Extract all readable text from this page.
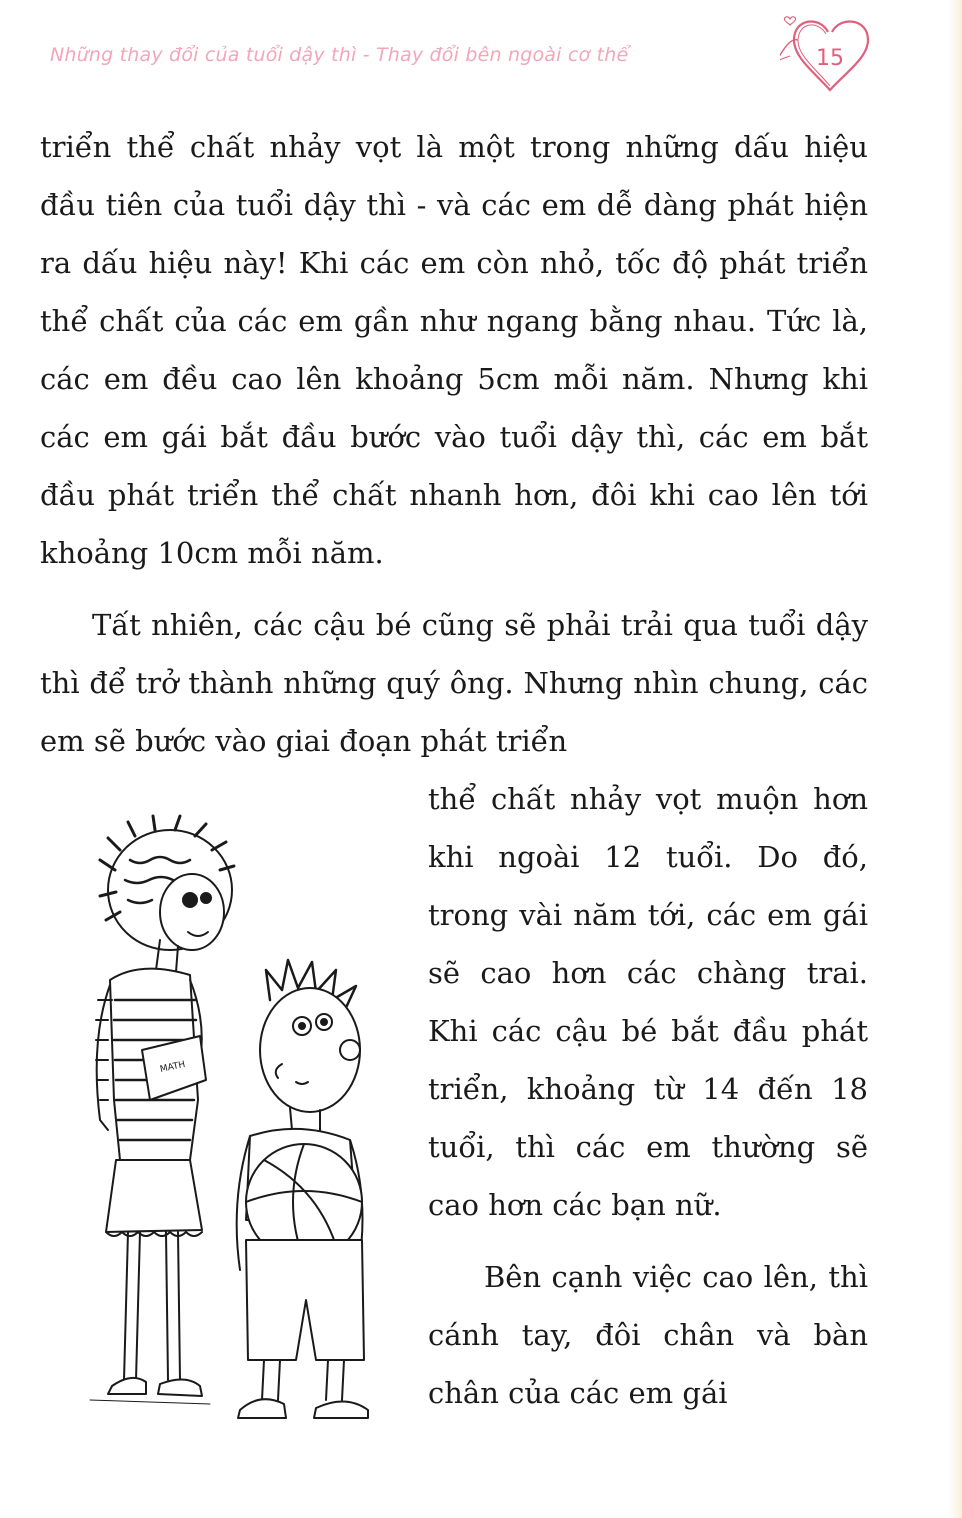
Những thay đổi của tuổi dậy thì - Thay đổi bên ngoài cơ thể	15

triển thể chất nhảy vọt là một trong những dấu hiệu đầu tiên của tuổi dậy thì - và các em dễ dàng phát hiện ra dấu hiệu này! Khi các em còn nhỏ, tốc độ phát triển thể chất của các em gần như ngang bằng nhau. Tức là, các em đều cao lên khoảng 5cm mỗi năm. Nhưng khi các em gái bắt đầu bước vào tuổi dậy thì, các em bắt đầu phát triển thể chất nhanh hơn, đôi khi cao lên tới khoảng 10cm mỗi năm.

Tất nhiên, các cậu bé cũng sẽ phải trải qua tuổi dậy thì để trở thành những quý ông. Nhưng nhìn chung, các em sẽ bước vào giai đoạn phát triển

thể chất nhảy vọt muộn hơn khi ngoài 12 tuổi. Do đó, trong vài năm tới, các em gái sẽ cao hơn các chàng trai. Khi các cậu bé bắt đầu phát triển, khoảng từ 14 đến 18 tuổi, thì các em thường sẽ cao hơn các bạn nữ.

Bên cạnh việc cao lên, thì cánh tay, đôi chân và bàn chân của các em gái

MATH
